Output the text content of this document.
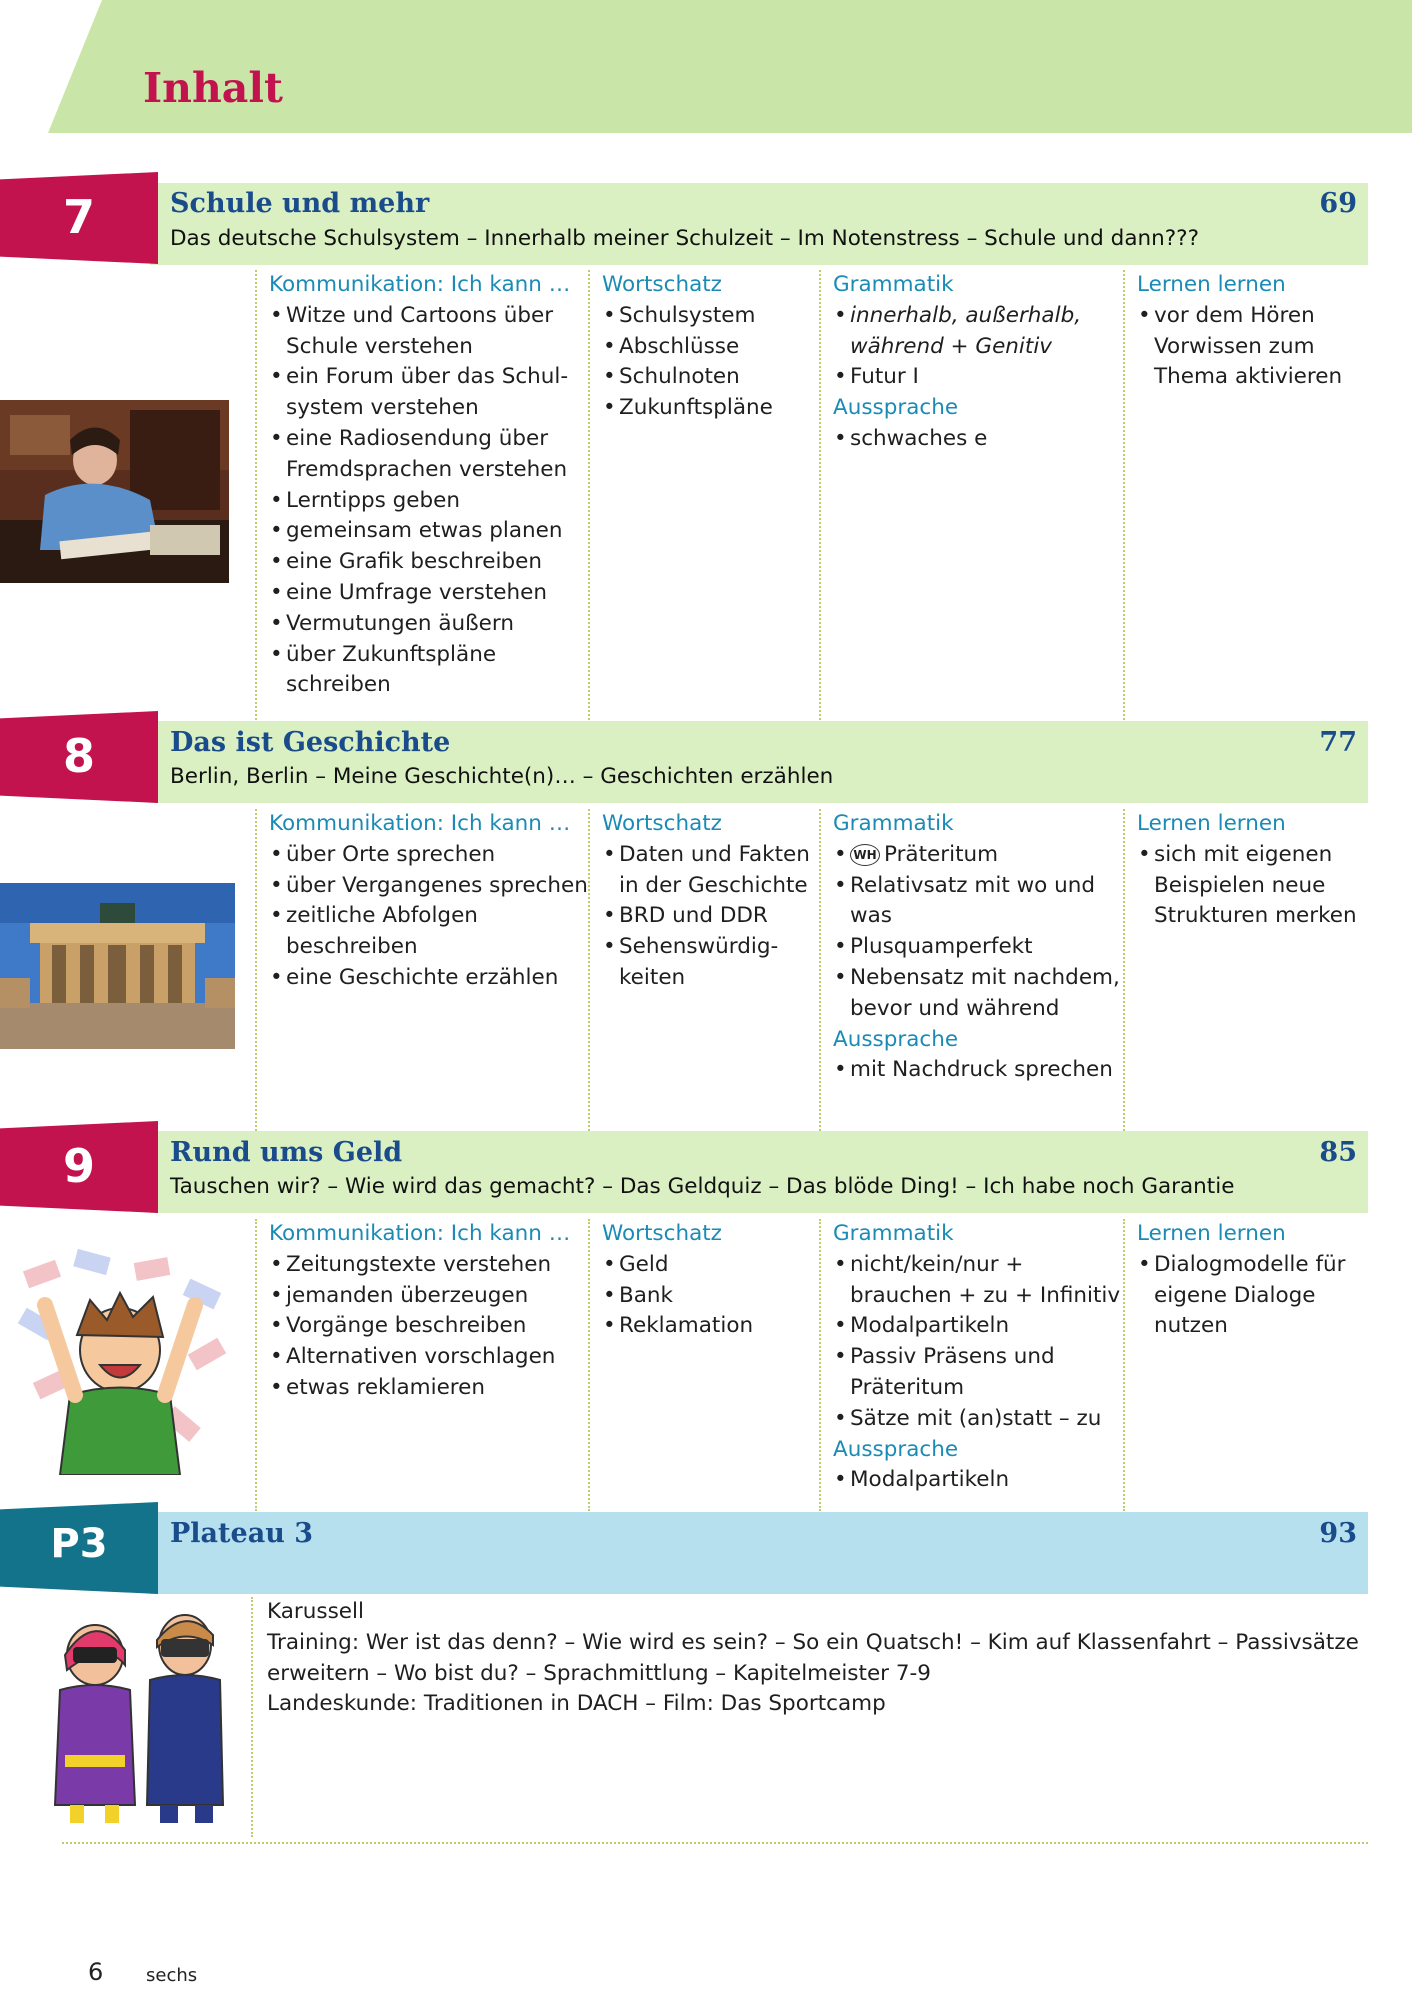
Inhalt
7	Schule und mehr
Das deutsche Schulsystem – Innerhalb meiner Schulzeit – Im Notenstress – Schule und dann???
69
Kommunikation: Ich kann …
• Witze und Cartoons über Schule verstehen
• ein Forum über das Schul-system verstehen
• eine Radiosendung über Fremdsprachen verstehen
• Lerntipps geben
• gemeinsam etwas planen
• eine Grafik beschreiben
• eine Umfrage verstehen
• Vermutungen äußern
• über Zukunftspläne schreiben
Wortschatz
• Schulsystem
• Abschlüsse
• Schulnoten
• Zukunftspläne
Grammatik
• innerhalb, außerhalb, während + Genitiv
• Futur I
Aussprache
• schwaches e
Lernen lernen
• vor dem Hören Vorwissen zum Thema aktivieren
8	Das ist Geschichte
Berlin, Berlin – Meine Geschichte(n)… – Geschichten erzählen
77
Kommunikation: Ich kann …
• über Orte sprechen
• über Vergangenes sprechen
• zeitliche Abfolgen beschreiben
• eine Geschichte erzählen
Wortschatz
• Daten und Fakten in der Geschichte
• BRD und DDR
• Sehenswürdig-keiten
Grammatik
• WH Präteritum
• Relativsatz mit wo und was
• Plusquamperfekt
• Nebensatz mit nachdem, bevor und während
Aussprache
• mit Nachdruck sprechen
Lernen lernen
• sich mit eigenen Beispielen neue Strukturen merken
9	Rund ums Geld
Tauschen wir? – Wie wird das gemacht? – Das Geldquiz – Das blöde Ding! – Ich habe noch Garantie
85
Kommunikation: Ich kann …
• Zeitungstexte verstehen
• jemanden überzeugen
• Vorgänge beschreiben
• Alternativen vorschlagen
• etwas reklamieren
Wortschatz
• Geld
• Bank
• Reklamation
Grammatik
• nicht/kein/nur + brauchen + zu + Infinitiv
• Modalpartikeln
• Passiv Präsens und Präteritum
• Sätze mit (an)statt – zu
Aussprache
• Modalpartikeln
Lernen lernen
• Dialogmodelle für eigene Dialoge nutzen
P3	Plateau 3	93
Karussell
Training: Wer ist das denn? – Wie wird es sein? – So ein Quatsch! – Kim auf Klassenfahrt – Passivsätze erweitern – Wo bist du? – Sprachmittlung – Kapitelmeister 7-9
Landeskunde: Traditionen in DACH – Film: Das Sportcamp
6 sechs
